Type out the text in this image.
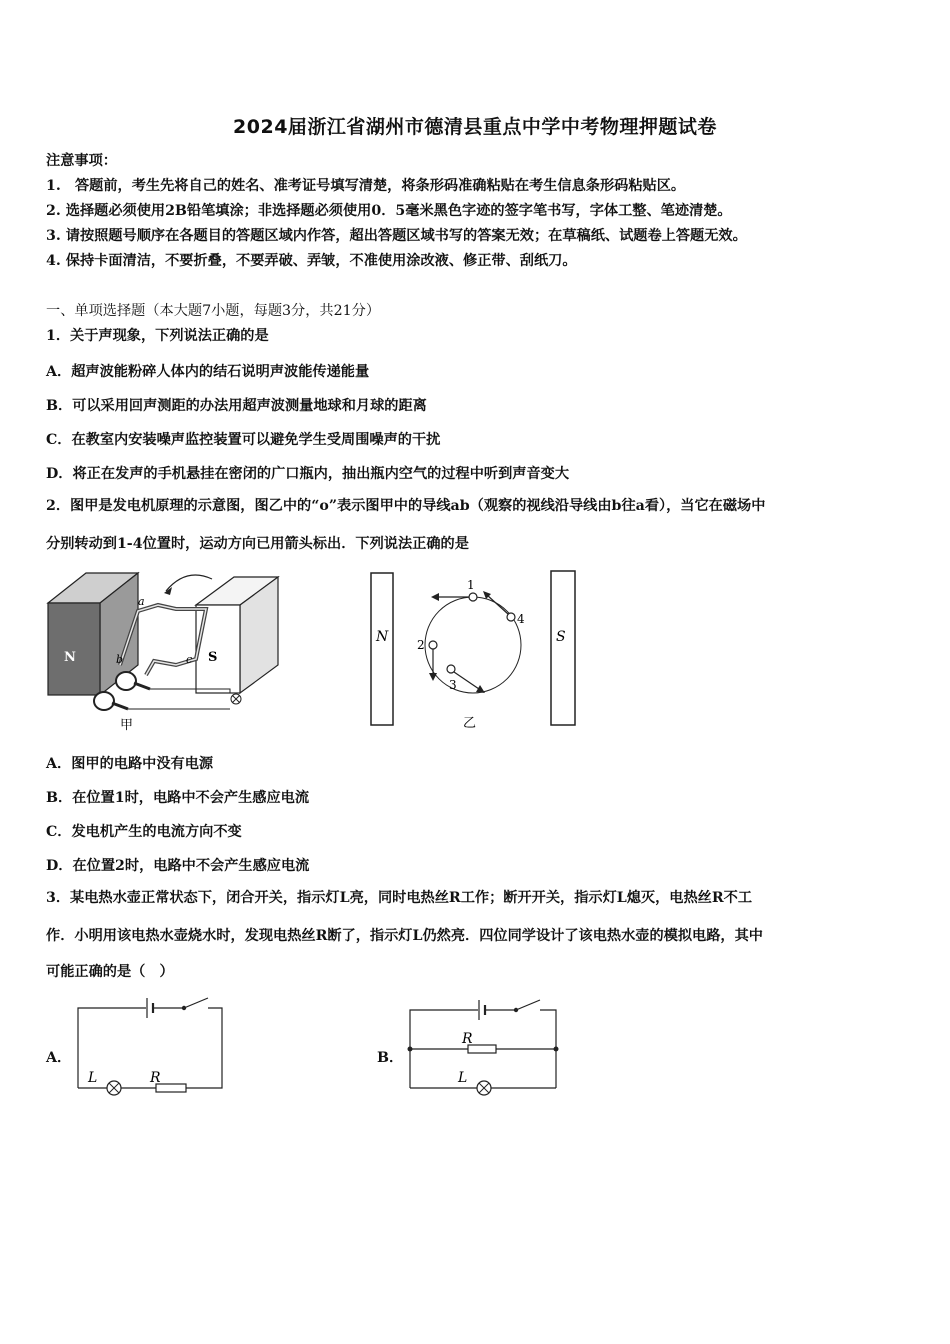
2024届浙江省湖州市德清县重点中学中考物理押题试卷
注意事项：
1.　答题前，考生先将自己的姓名、准考证号填写清楚，将条形码准确粘贴在考生信息条形码粘贴区。
2. 选择题必须使用2B铅笔填涂；非选择题必须使用0．5毫米黑色字迹的签字笔书写，字体工整、笔迹清楚。
3. 请按照题号顺序在各题目的答题区域内作答，超出答题区域书写的答案无效；在草稿纸、试题卷上答题无效。
4. 保持卡面清洁，不要折叠，不要弄破、弄皱，不准使用涂改液、修正带、刮纸刀。
一、单项选择题（本大题7小题，每题3分，共21分）
1．关于声现象，下列说法正确的是
A．超声波能粉碎人体内的结石说明声波能传递能量
B．可以采用回声测距的办法用超声波测量地球和月球的距离
C．在教室内安装噪声监控装置可以避免学生受周围噪声的干扰
D．将正在发声的手机悬挂在密闭的广口瓶内，抽出瓶内空气的过程中听到声音变大
2．图甲是发电机原理的示意图，图乙中的“o”表示图甲中的导线ab（观察的视线沿导线由b往a看），当它在磁场中
分别转动到1-4位置时，运动方向已用箭头标出．下列说法正确的是
N	S
a
b	c
甲
N	S
1
4
2
3
乙
A．图甲的电路中没有电源
B．在位置1时，电路中不会产生感应电流
C．发电机产生的电流方向不变
D．在位置2时，电路中不会产生感应电流
3．某电热水壶正常状态下，闭合开关，指示灯L亮，同时电热丝R工作；断开开关，指示灯L熄灭，电热丝R不工
作．小明用该电热水壶烧水时，发现电热丝R断了，指示灯L仍然亮．四位同学设计了该电热水壶的模拟电路，其中
可能正确的是（　）
A．
R
L
B．
R
L
